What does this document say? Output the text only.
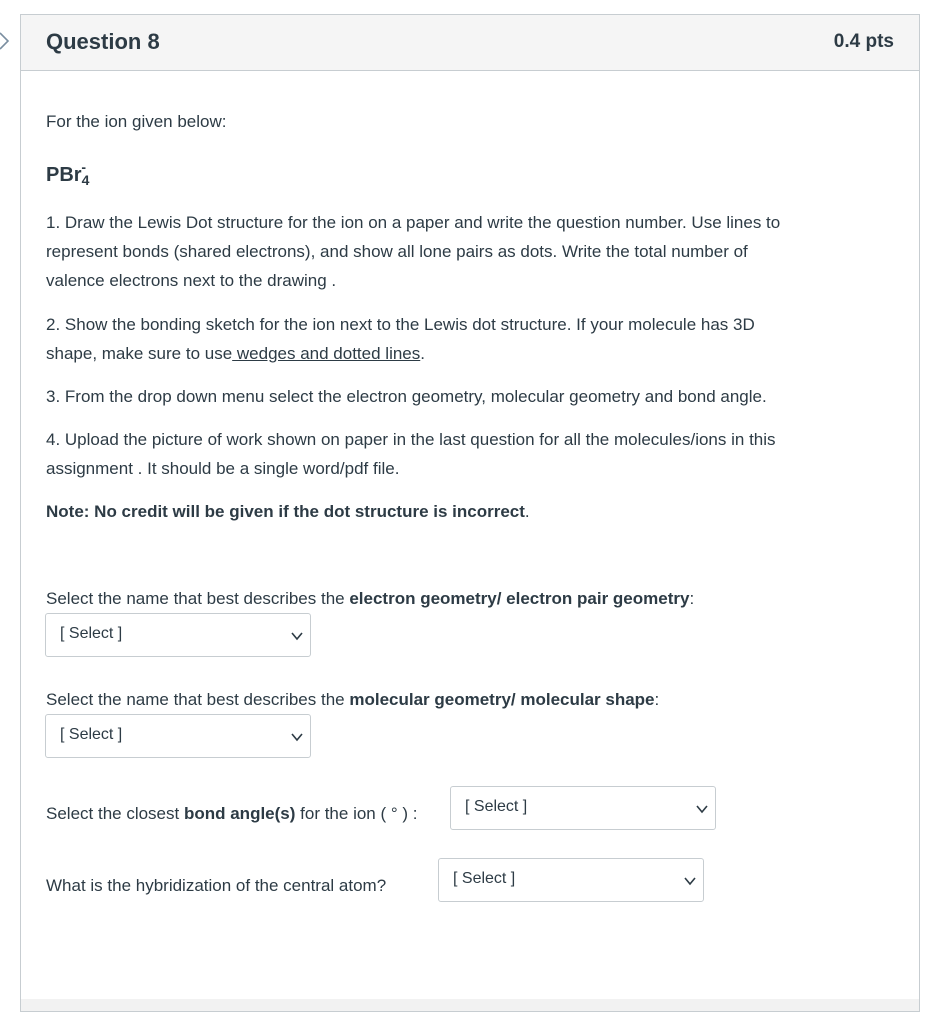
Question 8	0.4 pts
For the ion given below:
PBr$_4$-
1. Draw the Lewis Dot structure for the ion on a paper and write the question number. Use lines to
represent bonds (shared electrons), and show all lone pairs as dots. Write the total number of
valence electrons next to the drawing .
2. Show the bonding sketch for the ion next to the Lewis dot structure. If your molecule has 3D
shape, make sure to use wedges and dotted lines.
3. From the drop down menu select the electron geometry, molecular geometry and bond angle.
4. Upload the picture of work shown on paper in the last question for all the molecules/ions in this
assignment . It should be a single word/pdf file.
Note: No credit will be given if the dot structure is incorrect.
Select the name that best describes the electron geometry/ electron pair geometry:
Select the name that best describes the molecular geometry/ molecular shape:
Select the closest bond angle(s) for the ion ( ° ) :
What is the hybridization of the central atom?
[ Select ]
[ Select ]
[ Select ]
[ Select ]
